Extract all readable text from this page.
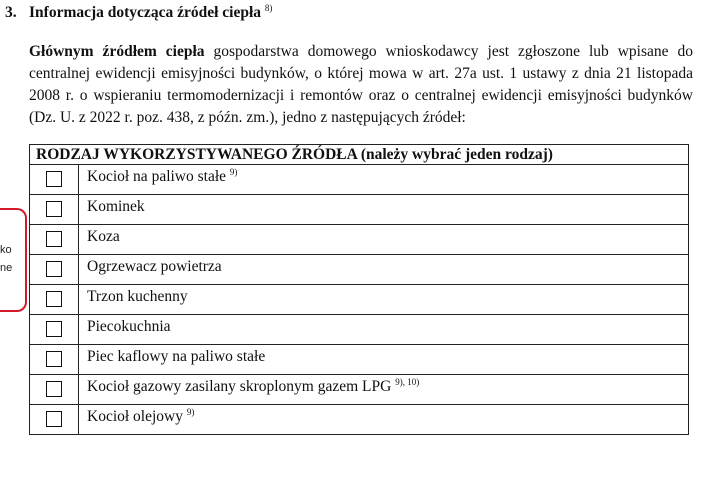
3. Informacja dotycząca źródeł ciepła $^{8)}$
Głównym źródłem ciepła gospodarstwa domowego wnioskodawcy jest zgłoszone lub wpisane do centralnej ewidencji emisyjności budynków, o której mowa w art. 27a ust. 1 ustawy z dnia 21 listopada 2008 r. o wspieraniu termomodernizacji i remontów oraz o centralnej ewidencji emisyjności budynków (Dz. U. z 2022 r. poz. 438, z późn. zm.), jedno z następujących źródeł:
ko
ne
RODZAJ WYKORZYSTYWANEGO ŹRÓDŁA (należy wybrać jeden rodzaj)	
	Kocioł na paliwo stałe $^{9)}$
	Kominek
	Koza
	Ogrzewacz powietrza
	Trzon kuchenny
	Piecokuchnia
	Piec kaflowy na paliwo stałe
	Kocioł gazowy zasilany skroplonym gazem LPG $^{9), 10)}$
	Kocioł olejowy $^{9)}$
